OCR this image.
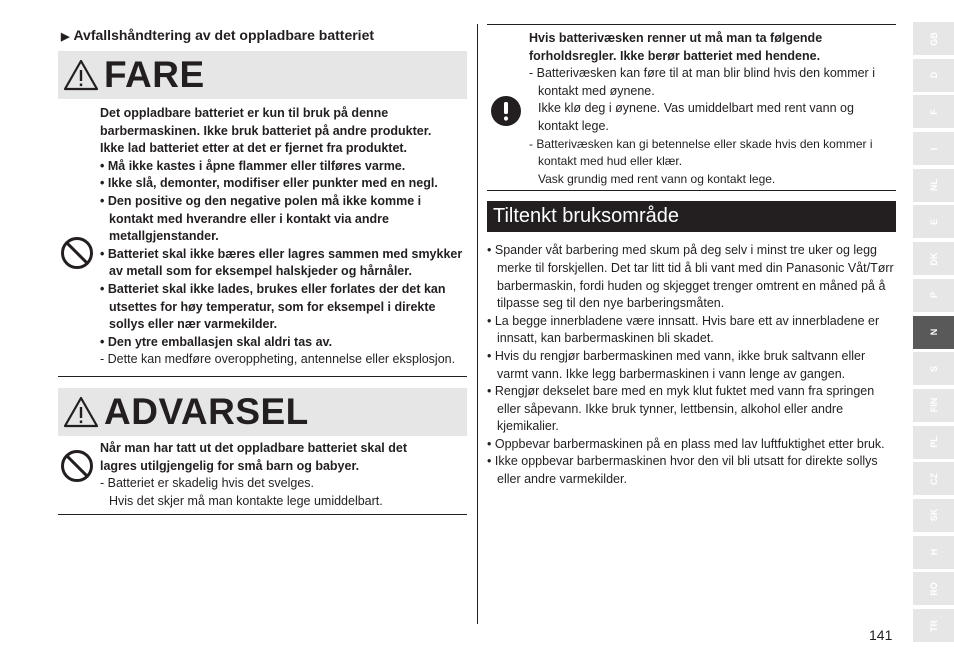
▶ Avfallshåndtering av det oppladbare batteriet
FARE
Det oppladbare batteriet er kun til bruk på denne
barbermaskinen. Ikke bruk batteriet på andre produkter.
Ikke lad batteriet etter at det er fjernet fra produktet.
• Må ikke kastes i åpne flammer eller tilføres varme.
• Ikke slå, demonter, modifiser eller punkter med en negl.
• Den positive og den negative polen må ikke komme i kontakt med hverandre eller i kontakt via andre metallgjenstander.
• Batteriet skal ikke bæres eller lagres sammen med smykker av metall som for eksempel halskjeder og hårnåler.
• Batteriet skal ikke lades, brukes eller forlates der det kan utsettes for høy temperatur, som for eksempel i direkte sollys eller nær varmekilder.
• Den ytre emballasjen skal aldri tas av.
- Dette kan medføre overoppheting, antennelse eller eksplosjon.
ADVARSEL
Når man har tatt ut det oppladbare batteriet skal det
lagres utilgjengelig for små barn og babyer.
- Batteriet er skadelig hvis det svelges.
Hvis det skjer må man kontakte lege umiddelbart.
Hvis batterivæsken renner ut må man ta følgende
forholdsregler. Ikke berør batteriet med hendene.
- Batterivæsken kan føre til at man blir blind hvis den kommer i kontakt med øynene.
Ikke klø deg i øynene. Vas umiddelbart med rent vann og kontakt lege.
- Batterivæsken kan gi betennelse eller skade hvis den kommer i kontakt med hud eller klær.
Vask grundig med rent vann og kontakt lege.
Tiltenkt bruksområde
• Spander våt barbering med skum på deg selv i minst tre uker og legg merke til forskjellen. Det tar litt tid å bli vant med din Panasonic Våt/Tørr barbermaskin, fordi huden og skjegget trenger omtrent en måned på å tilpasse seg til den nye barberingsmåten.
• La begge innerbladene være innsatt. Hvis bare ett av innerbladene er innsatt, kan barbermaskinen bli skadet.
• Hvis du rengjør barbermaskinen med vann, ikke bruk saltvann eller varmt vann. Ikke legg barbermaskinen i vann lenge av gangen.
• Rengjør dekselet bare med en myk klut fuktet med vann fra springen eller såpevann. Ikke bruk tynner, lettbensin, alkohol eller andre kjemikalier.
• Oppbevar barbermaskinen på en plass med lav luftfuktighet etter bruk.
• Ikke oppbevar barbermaskinen hvor den vil bli utsatt for direkte sollys eller andre varmekilder.
GB
D
F
I
NL
E
DK
P
N
S
FIN
PL
CZ
SK
H
RO
TR
141
